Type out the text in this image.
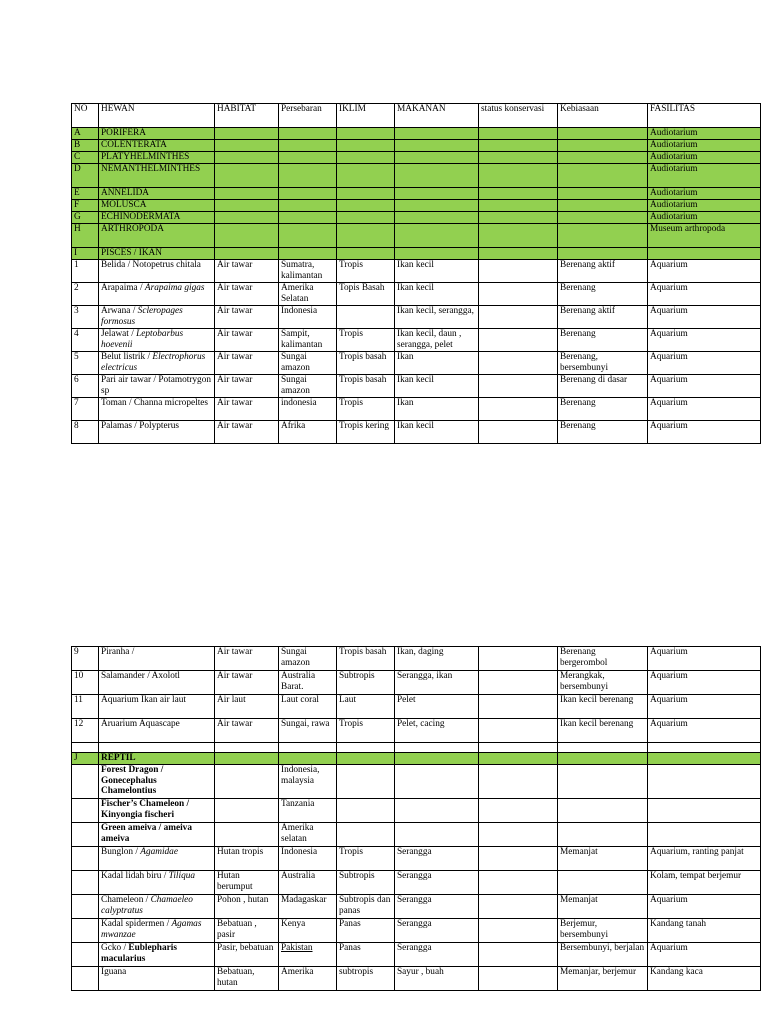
NO	HEWAN	HABITAT	Persebaran	IKLIM	MAKANAN	status konservasi	Kebiasaan	FASILITAS
A	PORIFERA							Audiotarium
B	COLENTERATA							Audiotarium
C	PLATYHELMINTHES							Audiotarium
D	NEMANTHELMINTHES							Audiotarium
E	ANNELIDA							Audiotarium
F	MOLUSCA							Audiotarium
G	ECHINODERMATA							Audiotarium
H	ARTHROPODA							Museum arthropoda
I	PISCES / IKAN							
1	Belida / Notopetrus chitala	Air tawar	Sumatra, kalimantan	Tropis	Ikan kecil		Berenang aktif	Aquarium
2	Arapaima / Arapaima gigas	Air tawar	Amerika Selatan	Topis Basah	Ikan kecil		Berenang	Aquarium
3	Arwana / Scleropages formosus	Air tawar	Indonesia		Ikan kecil, serangga,		Berenang aktif	Aquarium
4	Jelawat / Leptobarbus hoevenii	Air tawar	Sampit, kalimantan	Tropis	Ikan kecil, daun , serangga, pelet		Berenang	Aquarium
5	Belut listrik / Electrophorus electricus	Air tawar	Sungai amazon	Tropis basah	Ikan		Berenang, bersembunyi	Aquarium
6	Pari air tawar / Potamotrygon sp	Air tawar	Sungai amazon	Tropis basah	Ikan kecil		Berenang di dasar	Aquarium
7	Toman / Channa micropeltes	Air tawar	indonesia	Tropis	Ikan		Berenang	Aquarium
8	Palamas / Polypterus	Air tawar	Afrika	Tropis kering	Ikan kecil		Berenang	Aquarium
9	Piranha /	Air tawar	Sungai amazon	Tropis basah	Ikan, daging		Berenang bergerombol	Aquarium
10	Salamander / Axolotl	Air tawar	Australia Barat.	Subtropis	Serangga, ikan		Merangkak, bersembunyi	Aquarium
11	Aquarium Ikan air laut	Air laut	Laut coral	Laut	Pelet		Ikan kecil berenang	Aquarium
12	Aruarium Aquascape	Air tawar	Sungai, rawa	Tropis	Pelet, cacing		Ikan kecil berenang	Aquarium

J	REPTIL							
	Forest Dragon / Gonecephalus Chamelontius		Indonesia, malaysia					
	Fischer’s Chameleon / Kinyongia fischeri		Tanzania					
	Green ameiva / ameiva ameiva		Amerika selatan					
	Bunglon / Agamidae	Hutan tropis	Indonesia	Tropis	Serangga		Memanjat	Aquarium, ranting panjat
	Kadal lidah biru / Tiliqua	Hutan berumput	Australia	Subtropis	Serangga			Kolam, tempat berjemur
	Chameleon / Chamaeleo calyptratus	Pohon , hutan	Madagaskar	Subtropis dan panas	Serangga		Memanjat	Aquarium
	Kadal spidermen / Agamas mwanzae	Bebatuan , pasir	Kenya	Panas	Serangga		Berjemur, bersembunyi	Kandang tanah
	Gcko / Eublepharis macularius	Pasir, bebatuan	Pakistan	Panas	Serangga		Bersembunyi, berjalan	Aquarium
	Iguana	Bebatuan, hutan	Amerika	subtropis	Sayur , buah		Memanjar, berjemur	Kandang kaca
